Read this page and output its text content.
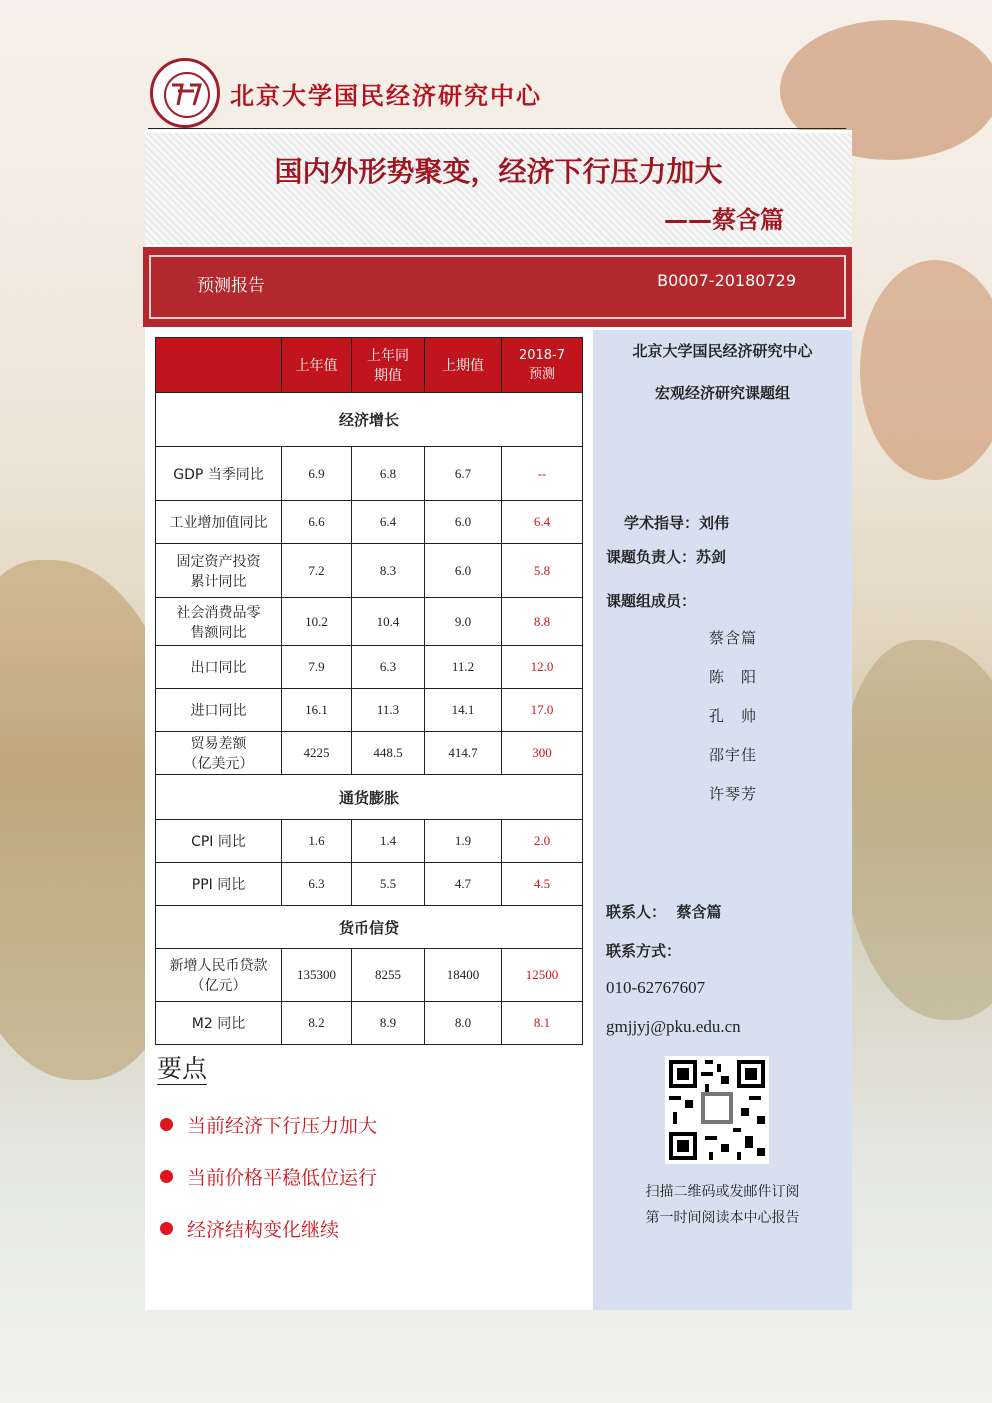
北京大学国民经济研究中心
国内外形势聚变，经济下行压力加大
——蔡含篇
预测报告	B0007-20180729
	上年值	上年同
期值	上期值	2018-7
预测
经济增长				
GDP 当季同比	6.9	6.8	6.7	--
工业增加值同比	6.6	6.4	6.0	6.4
固定资产投资
累计同比	7.2	8.3	6.0	5.8
社会消费品零
售额同比	10.2	10.4	9.0	8.8
出口同比	7.9	6.3	11.2	12.0
进口同比	16.1	11.3	14.1	17.0
贸易差额
（亿美元）	4225	448.5	414.7	300
通货膨胀				
CPI 同比	1.6	1.4	1.9	2.0
PPI 同比	6.3	5.5	4.7	4.5
货币信贷				
新增人民币贷款
（亿元）	135300	8255	18400	12500
M2 同比	8.2	8.9	8.0	8.1
北京大学国民经济研究中心
宏观经济研究课题组
学术指导：刘伟
课题负责人：苏剑
课题组成员：
蔡含篇
陈　阳
孔　帅
邵宇佳
许琴芳
联系人：  蔡含篇
联系方式：
010-62767607
gmjjyj@pku.edu.cn
扫描二维码或发邮件订阅
第一时间阅读本中心报告
要点
当前经济下行压力加大
当前价格平稳低位运行
经济结构变化继续
